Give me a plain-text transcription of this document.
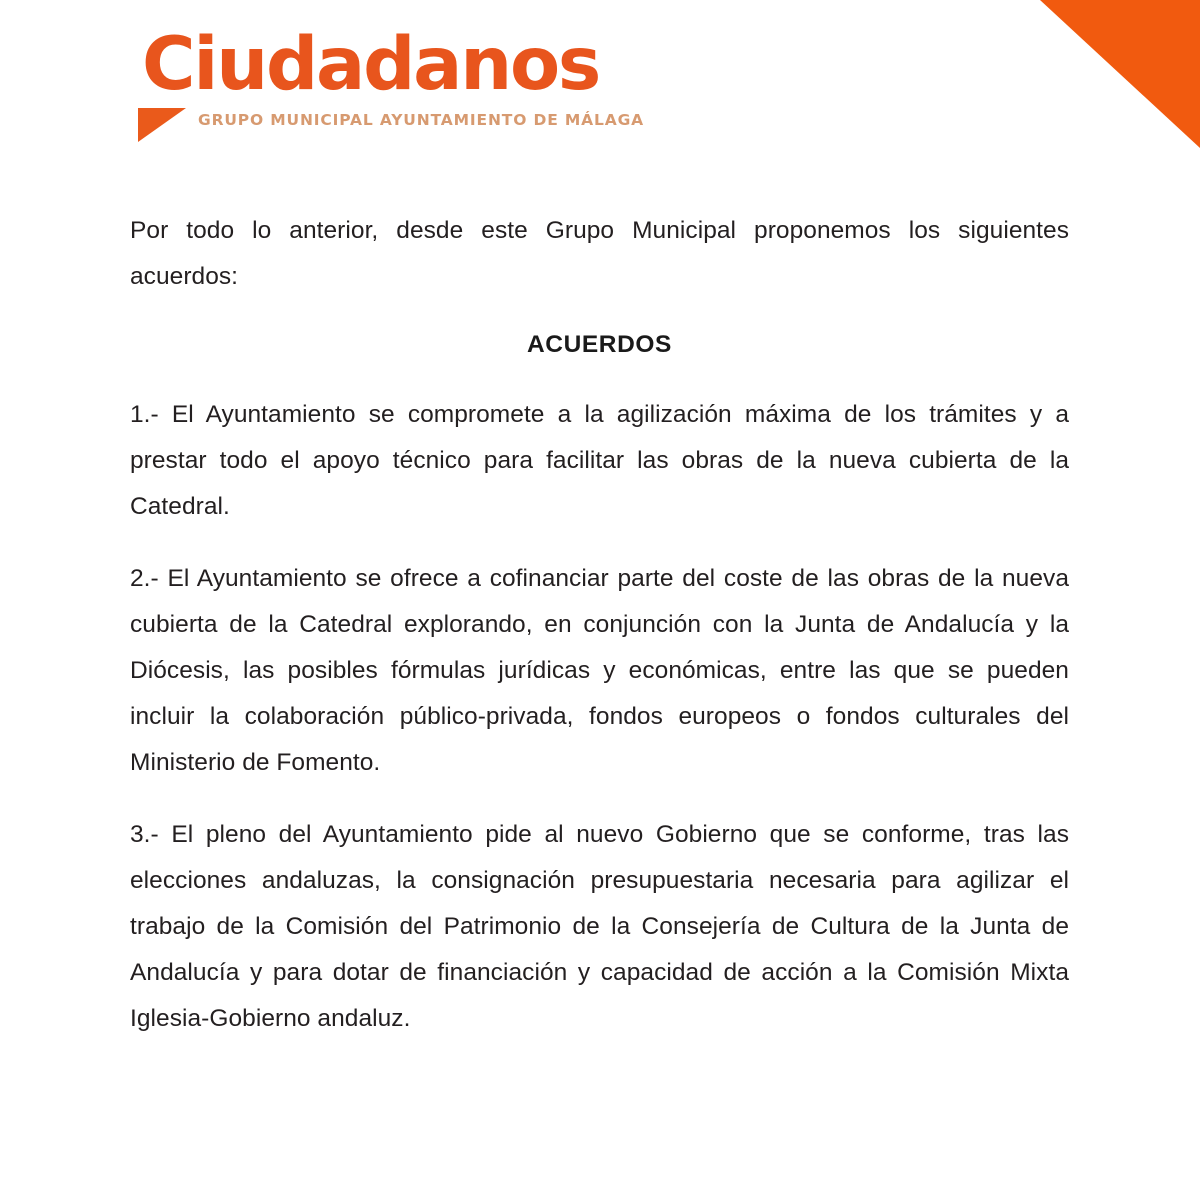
Ciudadanos
GRUPO MUNICIPAL AYUNTAMIENTO DE MÁLAGA

Por todo lo anterior, desde este Grupo Municipal proponemos los siguientes acuerdos:

ACUERDOS

1.- El Ayuntamiento se compromete a la agilización máxima de los trámites y a prestar todo el apoyo técnico para facilitar las obras de la nueva cubierta de la Catedral.

2.- El Ayuntamiento se ofrece a cofinanciar parte del coste de las obras de la nueva cubierta de la Catedral explorando, en conjunción con la Junta de Andalucía y la Diócesis, las posibles fórmulas jurídicas y económicas, entre las que se pueden incluir la colaboración público-privada, fondos europeos o fondos culturales del Ministerio de Fomento.

3.- El pleno del Ayuntamiento pide al nuevo Gobierno que se conforme, tras las elecciones andaluzas, la consignación presupuestaria necesaria para agilizar el trabajo de la Comisión del Patrimonio de la Consejería de Cultura de la Junta de Andalucía y para dotar de financiación y capacidad de acción a la Comisión Mixta Iglesia-Gobierno andaluz.
